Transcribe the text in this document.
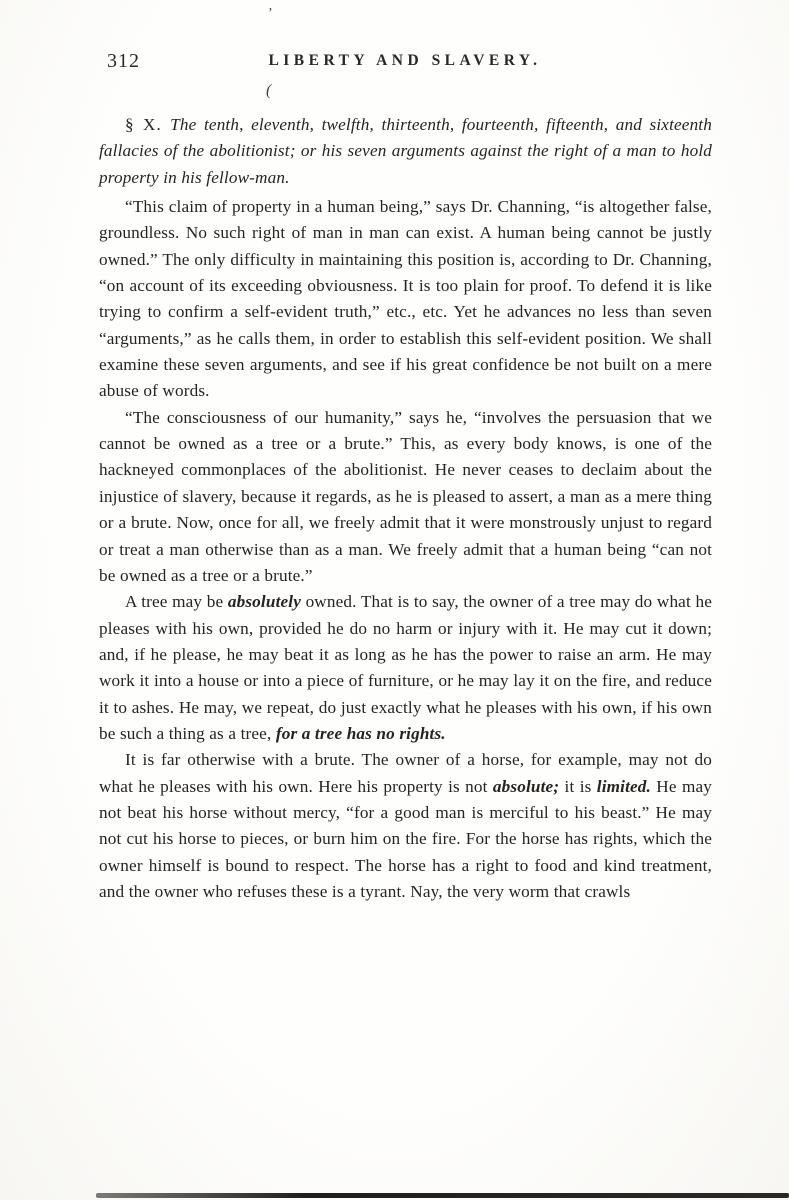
’
312	LIBERTY AND SLAVERY.
(

§ X. The tenth, eleventh, twelfth, thirteenth, fourteenth, fifteenth, and sixteenth fallacies of the abolitionist; or his seven arguments against the right of a man to hold property in his fellow-man.

“This claim of property in a human being,” says Dr. Channing, “is altogether false, groundless. No such right of man in man can exist. A human being cannot be justly owned.” The only difficulty in maintaining this position is, according to Dr. Channing, “on account of its exceeding obviousness. It is too plain for proof. To defend it is like trying to confirm a self-evident truth,” etc., etc. Yet he advances no less than seven “arguments,” as he calls them, in order to establish this self-evident position. We shall examine these seven arguments, and see if his great confidence be not built on a mere abuse of words.

“The consciousness of our humanity,” says he, “involves the persuasion that we cannot be owned as a tree or a brute.” This, as every body knows, is one of the hackneyed commonplaces of the abolitionist. He never ceases to declaim about the injustice of slavery, because it regards, as he is pleased to assert, a man as a mere thing or a brute. Now, once for all, we freely admit that it were monstrously unjust to regard or treat a man otherwise than as a man. We freely admit that a human being “can not be owned as a tree or a brute.”

A tree may be absolutely owned. That is to say, the owner of a tree may do what he pleases with his own, provided he do no harm or injury with it. He may cut it down; and, if he please, he may beat it as long as he has the power to raise an arm. He may work it into a house or into a piece of furniture, or he may lay it on the fire, and reduce it to ashes. He may, we repeat, do just exactly what he pleases with his own, if his own be such a thing as a tree, for a tree has no rights.

It is far otherwise with a brute. The owner of a horse, for example, may not do what he pleases with his own. Here his property is not absolute; it is limited. He may not beat his horse without mercy, “for a good man is merciful to his beast.” He may not cut his horse to pieces, or burn him on the fire. For the horse has rights, which the owner himself is bound to respect. The horse has a right to food and kind treatment, and the owner who refuses these is a tyrant. Nay, the very worm that crawls
